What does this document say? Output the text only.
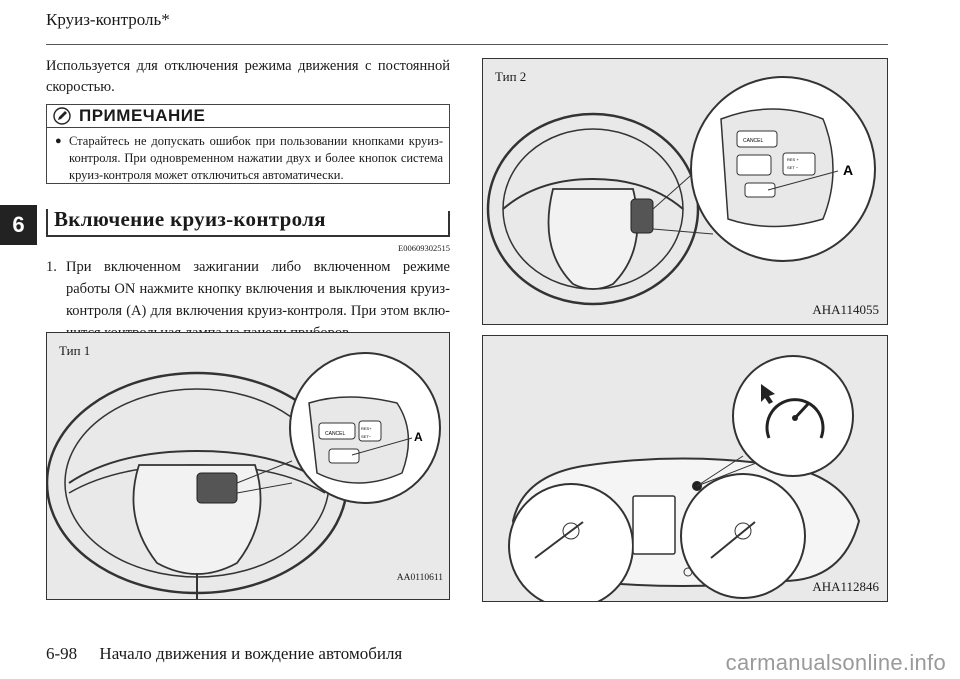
Круиз-контроль*
6
Используется для отключения режима движения с постоянной скоростью.
ПРИМЕЧАНИЕ
● Старайтесь не допускать ошибок при пользовании кнопками круиз-контроля. При одновременном нажатии двух и более кнопок система круиз-контроля может отключиться автоматически.
Включение круиз-контроля
E00609302515
1. При включенном зажигании либо включенном режиме работы ON нажмите кнопку включения и выключения круиз-контроля (A) для включения круиз-контроля. При этом вклю-
CANCEL
RES+
SET−	A
Тип 1
AA0110611
CANCEL
RES +
SET −	A
Тип 2
AHA114055
AHA112846
6-98 Начало движения и вождение автомобиля	carmanualsonline.info
